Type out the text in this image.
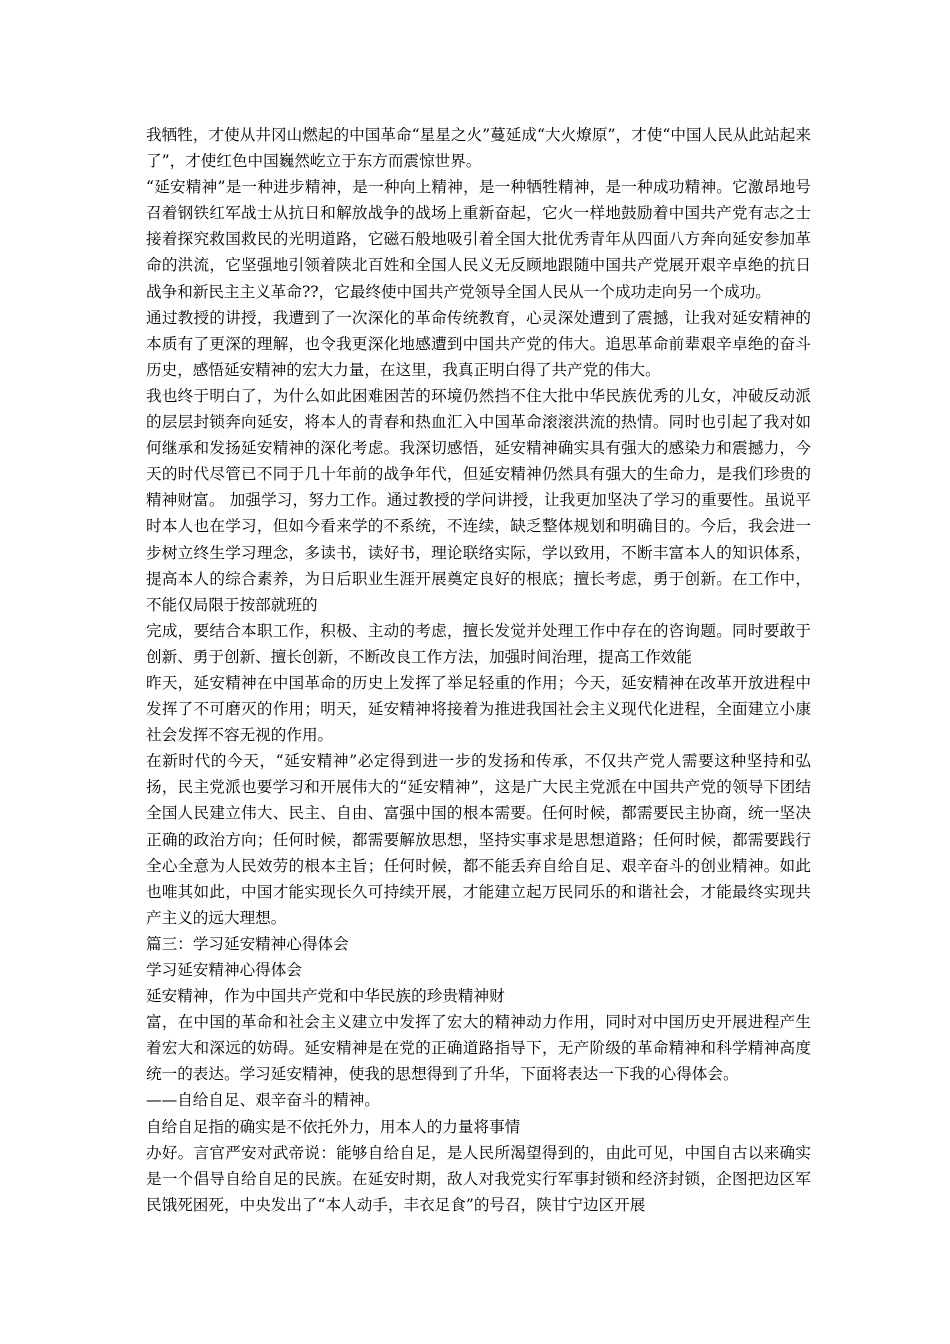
我牺牲，才使从井冈山燃起的中国革命“星星之火”蔓延成“大火燎原”，才使“中国人民从此站起来了”，才使红色中国巍然屹立于东方而震惊世界。

“延安精神”是一种进步精神，是一种向上精神，是一种牺牲精神，是一种成功精神。它激昂地号召着钢铁红军战士从抗日和解放战争的战场上重新奋起，它火一样地鼓励着中国共产党有志之士接着探究救国救民的光明道路，它磁石般地吸引着全国大批优秀青年从四面八方奔向延安参加革命的洪流，它坚强地引领着陕北百姓和全国人民义无反顾地跟随中国共产党展开艰辛卓绝的抗日战争和新民主主义革命??，它最终使中国共产党领导全国人民从一个成功走向另一个成功。

通过教授的讲授，我遭到了一次深化的革命传统教育，心灵深处遭到了震撼，让我对延安精神的本质有了更深的理解，也令我更深化地感遭到中国共产党的伟大。追思革命前辈艰辛卓绝的奋斗历史，感悟延安精神的宏大力量，在这里，我真正明白得了共产党的伟大。

我也终于明白了，为什么如此困难困苦的环境仍然挡不住大批中华民族优秀的儿女，冲破反动派的层层封锁奔向延安，将本人的青春和热血汇入中国革命滚滚洪流的热情。同时也引起了我对如何继承和发扬延安精神的深化考虑。我深切感悟，延安精神确实具有强大的感染力和震撼力，今天的时代尽管已不同于几十年前的战争年代，但延安精神仍然具有强大的生命力，是我们珍贵的精神财富。 加强学习，努力工作。通过教授的学问讲授，让我更加坚决了学习的重要性。虽说平时本人也在学习，但如今看来学的不系统，不连续，缺乏整体规划和明确目的。今后，我会进一步树立终生学习理念，多读书，读好书，理论联络实际，学以致用，不断丰富本人的知识体系，提高本人的综合素养，为日后职业生涯开展奠定良好的根底；擅长考虑，勇于创新。在工作中，不能仅局限于按部就班的

完成，要结合本职工作，积极、主动的考虑，擅长发觉并处理工作中存在的咨询题。同时要敢于创新、勇于创新、擅长创新，不断改良工作方法，加强时间治理，提高工作效能

昨天，延安精神在中国革命的历史上发挥了举足轻重的作用；今天，延安精神在改革开放进程中发挥了不可磨灭的作用；明天，延安精神将接着为推进我国社会主义现代化进程，全面建立小康社会发挥不容无视的作用。

在新时代的今天，“延安精神”必定得到进一步的发扬和传承，不仅共产党人需要这种坚持和弘扬，民主党派也要学习和开展伟大的“延安精神”，这是广大民主党派在中国共产党的领导下团结全国人民建立伟大、民主、自由、富强中国的根本需要。任何时候，都需要民主协商，统一坚决正确的政治方向；任何时候，都需要解放思想，坚持实事求是思想道路；任何时候，都需要践行全心全意为人民效劳的根本主旨；任何时候，都不能丢弃自给自足、艰辛奋斗的创业精神。如此也唯其如此，中国才能实现长久可持续开展，才能建立起万民同乐的和谐社会，才能最终实现共产主义的远大理想。

篇三：学习延安精神心得体会

学习延安精神心得体会

延安精神，作为中国共产党和中华民族的珍贵精神财

富，在中国的革命和社会主义建立中发挥了宏大的精神动力作用，同时对中国历史开展进程产生着宏大和深远的妨碍。延安精神是在党的正确道路指导下，无产阶级的革命精神和科学精神高度统一的表达。学习延安精神，使我的思想得到了升华，下面将表达一下我的心得体会。

——自给自足、艰辛奋斗的精神。

自给自足指的确实是不依托外力，用本人的力量将事情

办好。言官严安对武帝说：能够自给自足，是人民所渴望得到的，由此可见，中国自古以来确实是一个倡导自给自足的民族。在延安时期，敌人对我党实行军事封锁和经济封锁，企图把边区军民饿死困死，中央发出了“本人动手，丰衣足食”的号召，陕甘宁边区开展
